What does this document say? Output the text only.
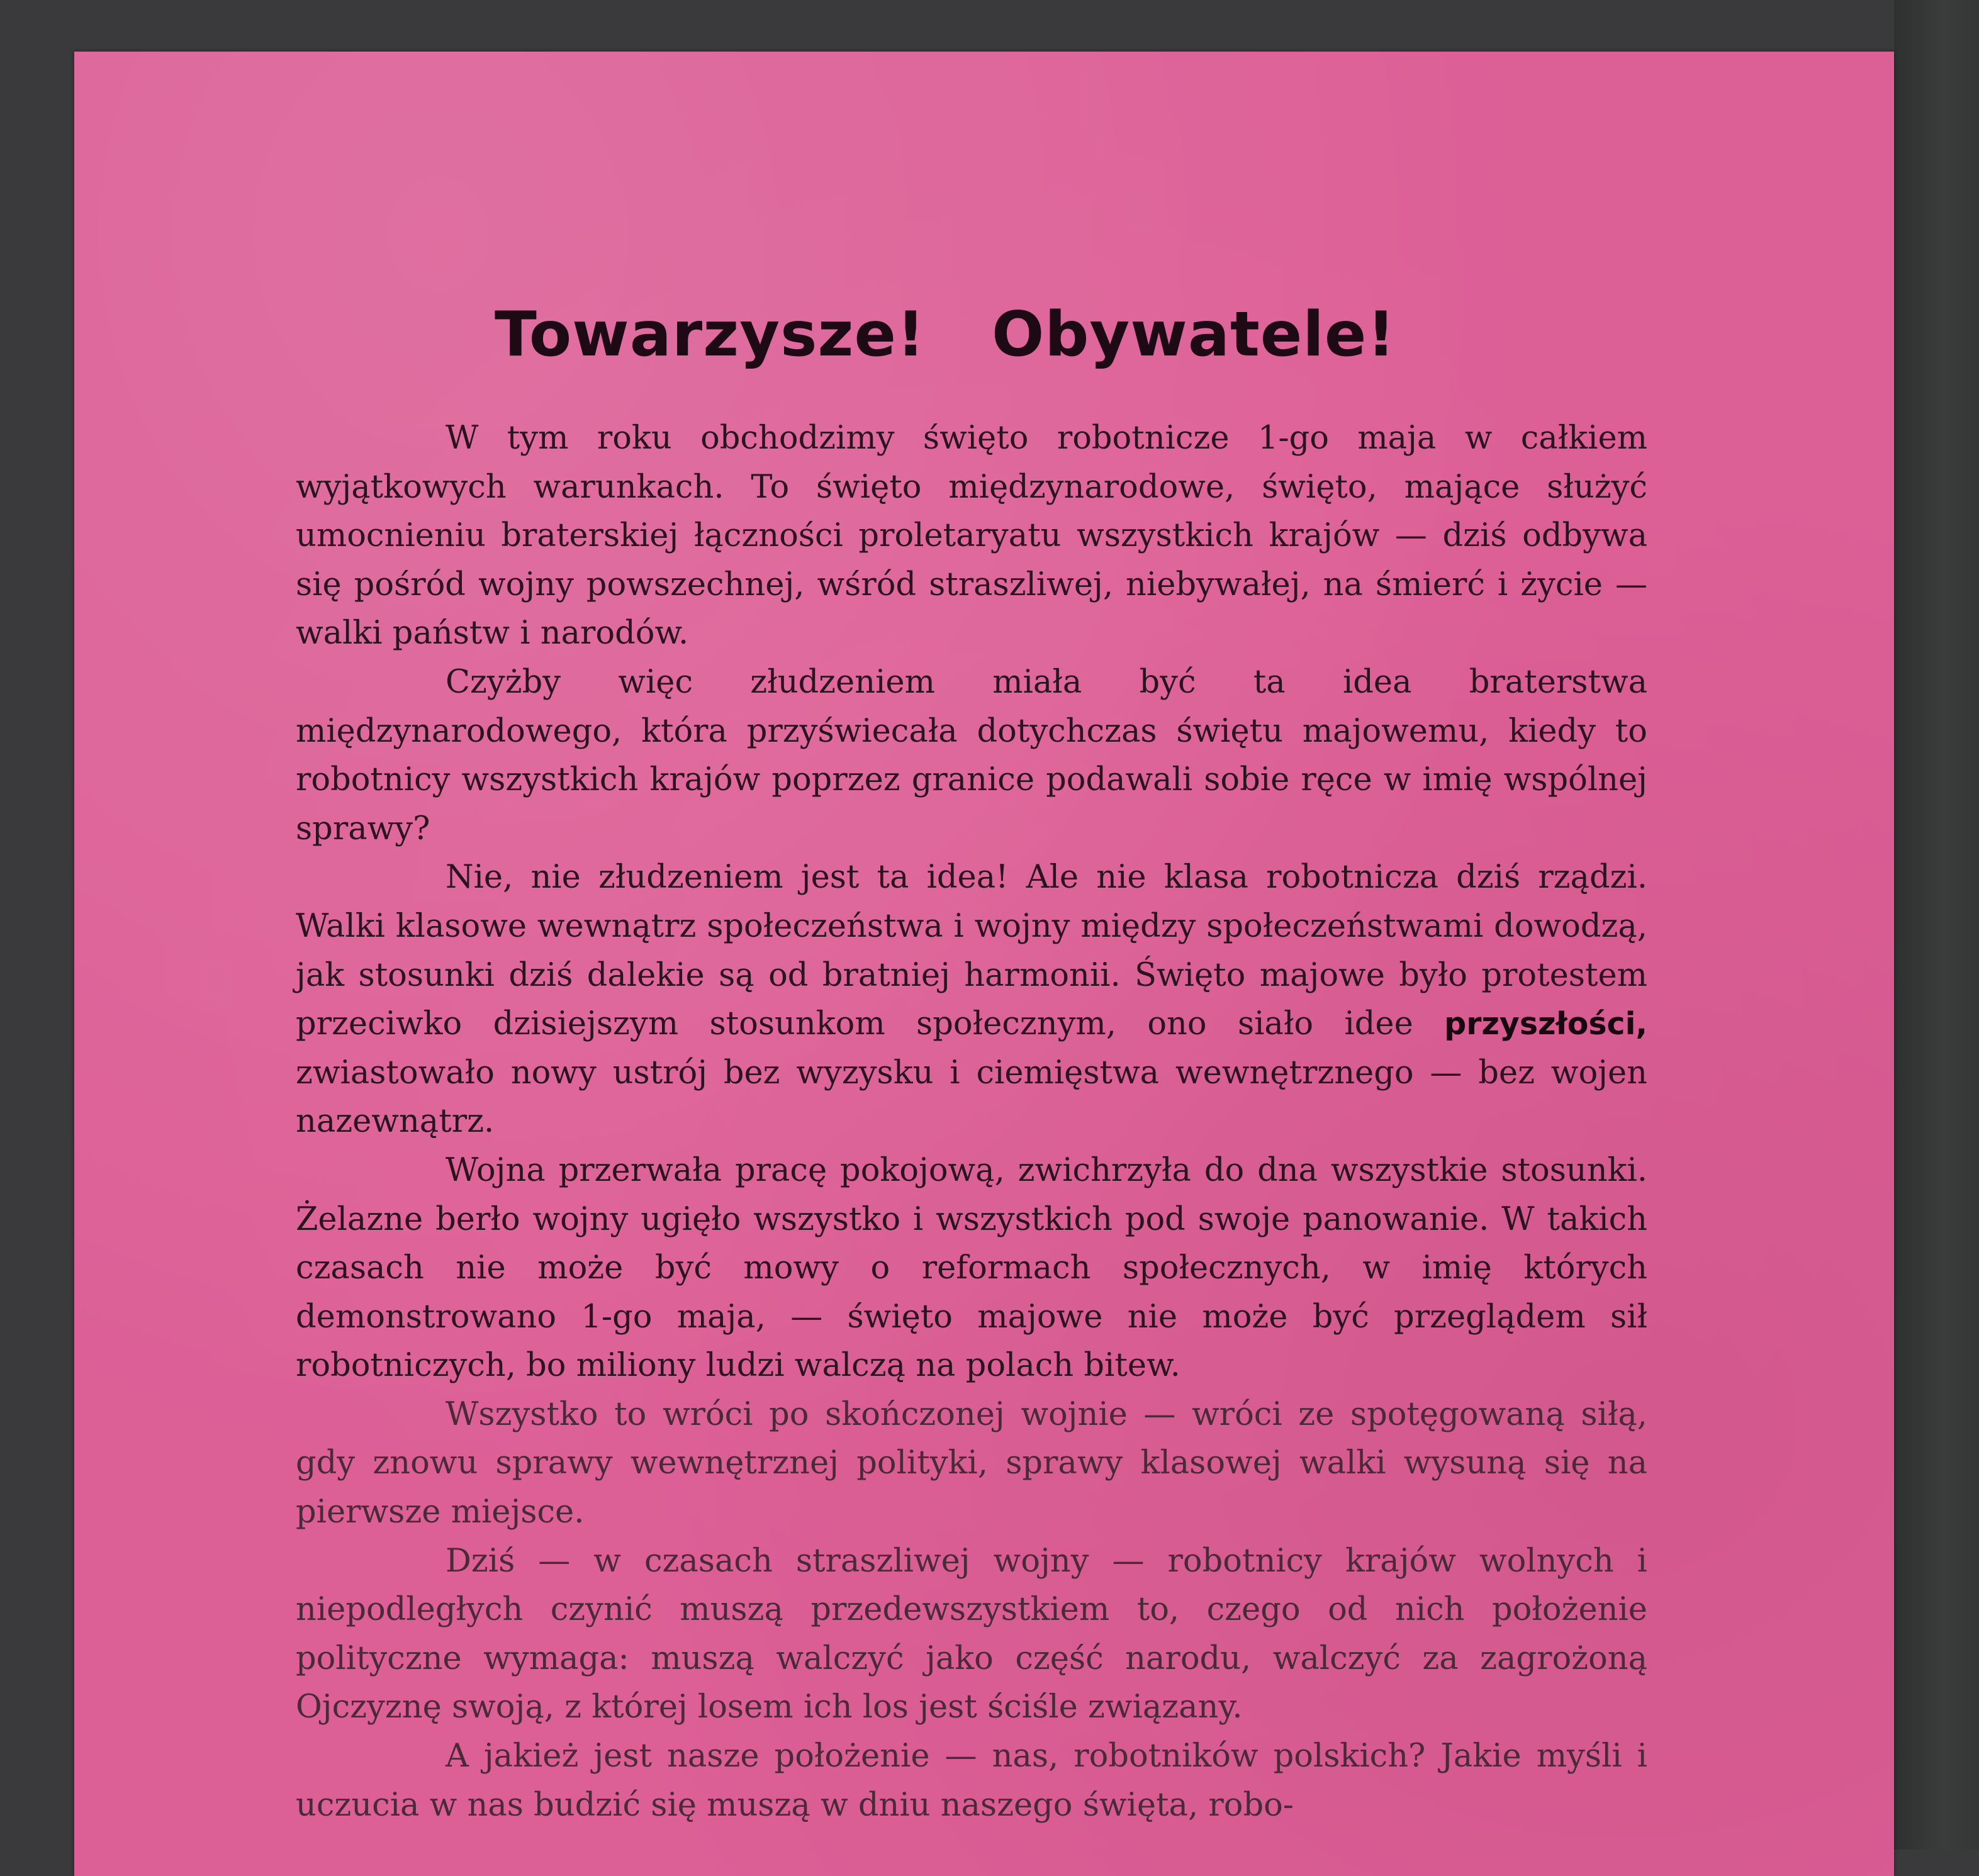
Towarzysze!   Obywatele!

W tym roku obchodzimy święto robotnicze 1-go maja w całkiem wyjątkowych warunkach. To święto międzynarodowe, święto, mające służyć umocnieniu braterskiej łączności proletaryatu wszystkich krajów — dziś odbywa się pośród wojny powszechnej, wśród straszliwej, niebywałej, na śmierć i życie — walki państw i narodów.

Czyżby więc złudzeniem miała być ta idea braterstwa międzynarodowego, która przyświecała dotychczas świętu majowemu, kiedy to robotnicy wszystkich krajów poprzez granice podawali sobie ręce w imię wspólnej sprawy?

Nie, nie złudzeniem jest ta idea! Ale nie klasa robotnicza dziś rządzi. Walki klasowe wewnątrz społeczeństwa i wojny między społeczeństwami dowodzą, jak stosunki dziś dalekie są od bratniej harmonii. Święto majowe było protestem przeciwko dzisiejszym stosunkom społecznym, ono siało idee przyszłości, zwiastowało nowy ustrój bez wyzysku i ciemięstwa wewnętrznego — bez wojen nazewnątrz.

Wojna przerwała pracę pokojową, zwichrzyła do dna wszystkie stosunki. Żelazne berło wojny ugięło wszystko i wszystkich pod swoje panowanie. W takich czasach nie może być mowy o reformach społecznych, w imię których demonstrowano 1-go maja, — święto majowe nie może być przeglądem sił robotniczych, bo miliony ludzi walczą na polach bitew.

Wszystko to wróci po skończonej wojnie — wróci ze spotęgowaną siłą, gdy znowu sprawy wewnętrznej polityki, sprawy klasowej walki wysuną się na pierwsze miejsce.

Dziś — w czasach straszliwej wojny — robotnicy krajów wolnych i niepodległych czynić muszą przedewszystkiem to, czego od nich położenie polityczne wymaga: muszą walczyć jako część narodu, walczyć za zagrożoną Ojczyznę swoją, z której losem ich los jest ściśle związany.

A jakież jest nasze położenie — nas, robotników polskich? Jakie myśli i uczucia w nas budzić się muszą w dniu naszego święta, robo-
